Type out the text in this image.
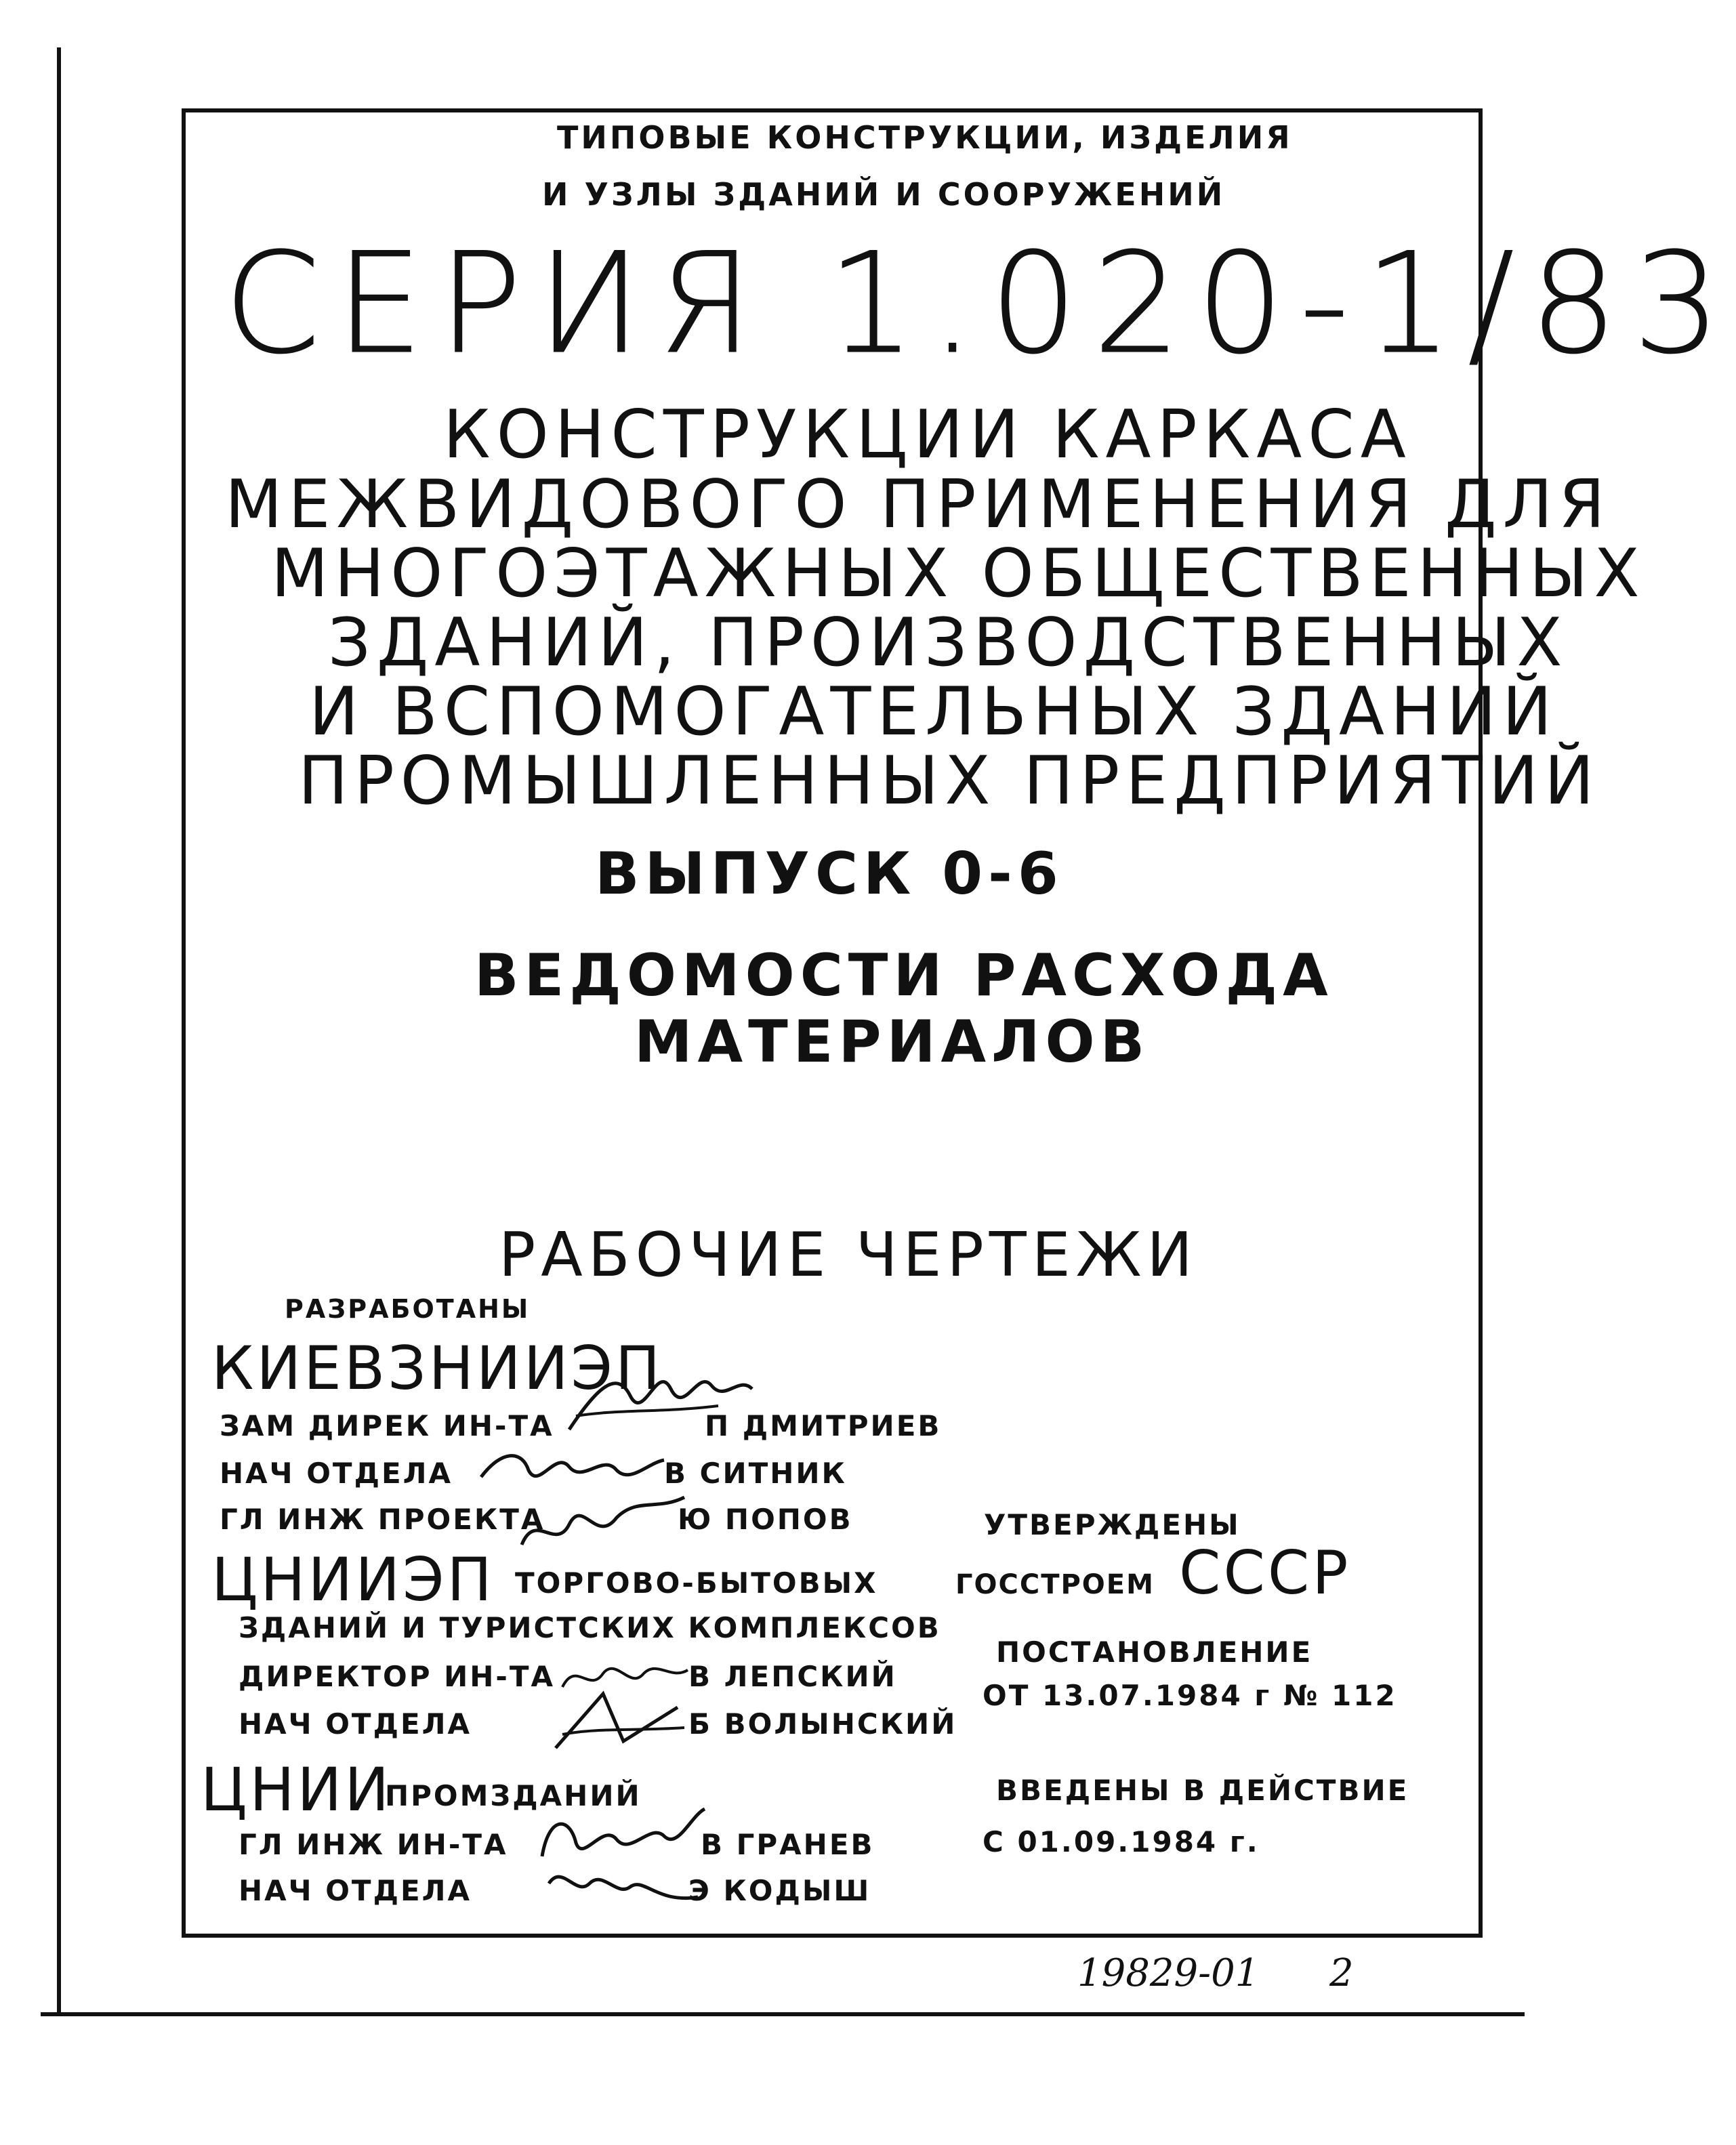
ТИПОВЫЕ КОНСТРУКЦИИ, ИЗДЕЛИЯ
И УЗЛЫ ЗДАНИЙ И СООРУЖЕНИЙ
СЕРИЯ 1.020-1/83
КОНСТРУКЦИИ КАРКАСА
МЕЖВИДОВОГО ПРИМЕНЕНИЯ ДЛЯ
МНОГОЭТАЖНЫХ ОБЩЕСТВЕННЫХ
ЗДАНИЙ, ПРОИЗВОДСТВЕННЫХ
И ВСПОМОГАТЕЛЬНЫХ ЗДАНИЙ
ПРОМЫШЛЕННЫХ ПРЕДПРИЯТИЙ
ВЫПУСК 0-6
ВЕДОМОСТИ РАСХОДА
МАТЕРИАЛОВ
РАБОЧИЕ ЧЕРТЕЖИ
РАЗРАБОТАНЫ
КИЕВЗНИИЭП
ЗАМ ДИРЕК ИН-ТА	П ДМИТРИЕВ
НАЧ ОТДЕЛА	В СИТНИК
ГЛ ИНЖ ПРОЕКТА	Ю ПОПОВ
ЦНИИЭП ТОРГОВО-БЫТОВЫХ
ЗДАНИЙ И ТУРИСТСКИХ КОМПЛЕКСОВ
ДИРЕКТОР ИН-ТА	В ЛЕПСКИЙ
НАЧ ОТДЕЛА	Б ВОЛЫНСКИЙ
ЦНИИ
ПРОМЗДАНИЙ
ГЛ ИНЖ ИН-ТА	В ГРАНЕВ
НАЧ ОТДЕЛА	Э КОДЫШ
УТВЕРЖДЕНЫ
ГОССТРОЕМ СССР
ПОСТАНОВЛЕНИЕ
ОТ 13.07.1984 г № 112
ВВЕДЕНЫ В ДЕЙСТВИЕ
С 01.09.1984 г.
19829-01 2
